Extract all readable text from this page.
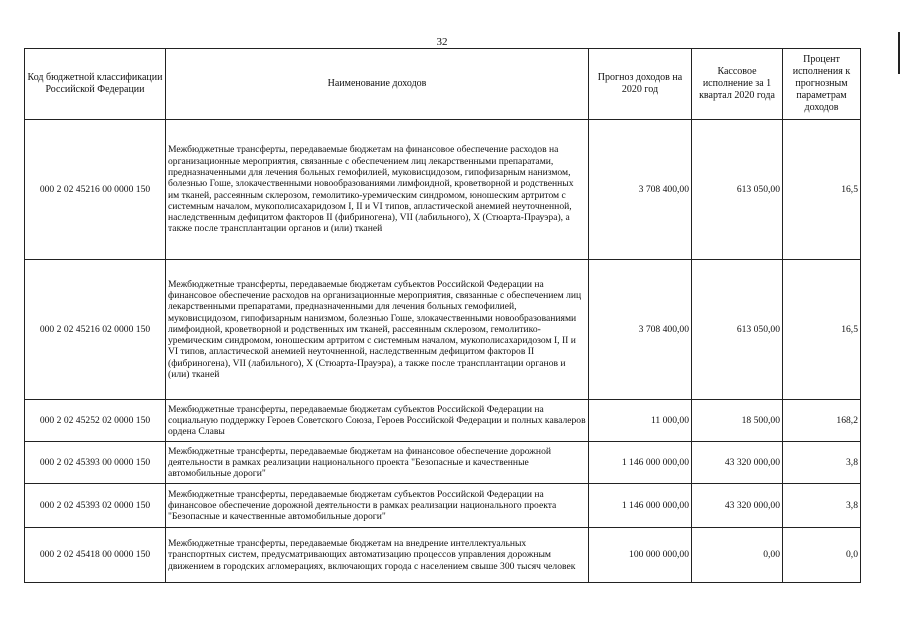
32
Код бюджетной классификации Российской Федерации	Наименование доходов	Прогноз доходов на 2020 год	Кассовое исполнение за 1 квартал 2020 года	Процент исполнения к прогнозным параметрам доходов
000 2 02 45216 00 0000 150	Межбюджетные трансферты, передаваемые бюджетам на финансовое обеспечение расходов на организационные мероприятия, связанные с обеспечением лиц лекарственными препаратами, предназначенными для лечения больных гемофилией, муковисцидозом, гипофизарным нанизмом, болезнью Гоше, злокачественными новообразованиями лимфоидной, кроветворной и родственных им тканей, рассеянным склерозом, гемолитико-уремическим синдромом, юношеским артритом с системным началом, мукополисахаридозом I, II и VI типов, апластической анемией неуточненной, наследственным дефицитом факторов II (фибриногена), VII (лабильного), X (Стюарта-Прауэра), а также после трансплантации органов и (или) тканей	3 708 400,00	613 050,00	16,5
000 2 02 45216 02 0000 150	Межбюджетные трансферты, передаваемые бюджетам субъектов Российской Федерации на финансовое обеспечение расходов на организационные мероприятия, связанные с обеспечением лиц лекарственными препаратами, предназначенными для лечения больных гемофилией, муковисцидозом, гипофизарным нанизмом, болезнью Гоше, злокачественными новообразованиями лимфоидной, кроветворной и родственных им тканей, рассеянным склерозом, гемолитико-уремическим синдромом, юношеским артритом с системным началом, мукополисахаридозом I, II и VI типов, апластической анемией неуточненной, наследственным дефицитом факторов II (фибриногена), VII (лабильного), X (Стюарта-Прауэра), а также после трансплантации органов и (или) тканей	3 708 400,00	613 050,00	16,5
000 2 02 45252 02 0000 150	Межбюджетные трансферты, передаваемые бюджетам субъектов Российской Федерации на социальную поддержку Героев Советского Союза, Героев Российской Федерации и полных кавалеров ордена Славы	11 000,00	18 500,00	168,2
000 2 02 45393 00 0000 150	Межбюджетные трансферты, передаваемые бюджетам на финансовое обеспечение дорожной деятельности в рамках реализации национального проекта "Безопасные и качественные автомобильные дороги"	1 146 000 000,00	43 320 000,00	3,8
000 2 02 45393 02 0000 150	Межбюджетные трансферты, передаваемые бюджетам субъектов Российской Федерации на финансовое обеспечение дорожной деятельности в рамках реализации национального проекта "Безопасные и качественные автомобильные дороги"	1 146 000 000,00	43 320 000,00	3,8
000 2 02 45418 00 0000 150	Межбюджетные трансферты, передаваемые бюджетам на внедрение интеллектуальных транспортных систем, предусматривающих автоматизацию процессов управления дорожным движением в городских агломерациях, включающих города с населением свыше 300 тысяч человек	100 000 000,00	0,00	0,0
